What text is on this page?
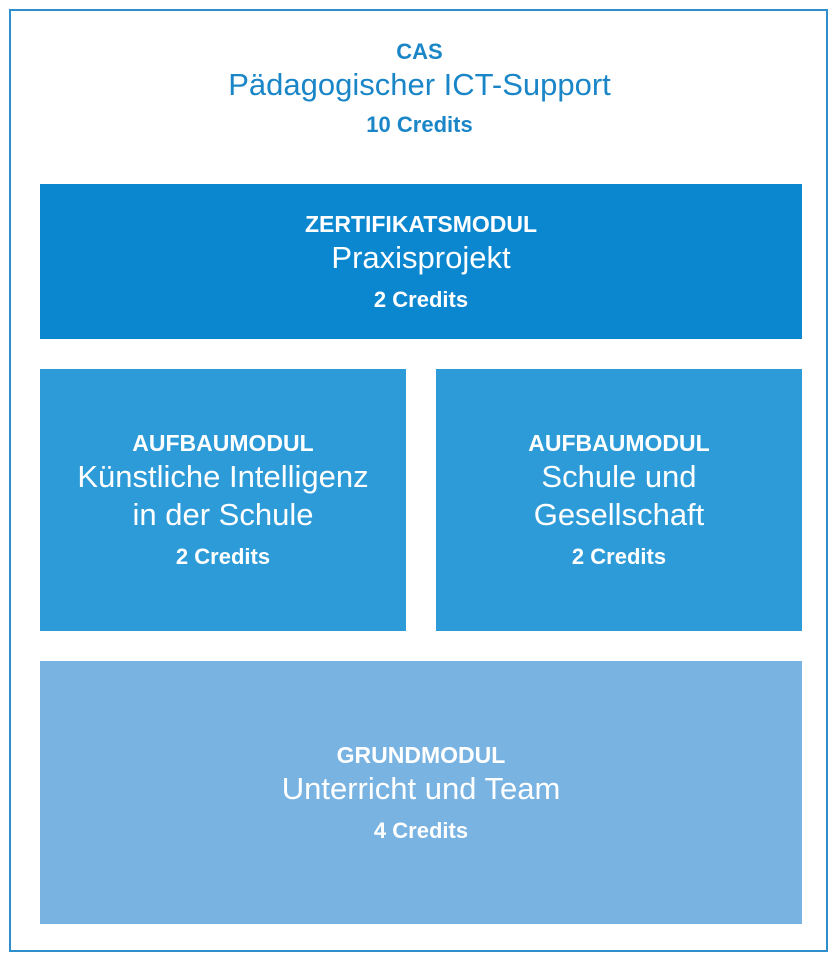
CAS
Pädagogischer ICT-Support
10 Credits
ZERTIFIKATSMODUL
Praxisprojekt
2 Credits
AUFBAUMODUL
Künstliche Intelligenz
in der Schule
2 Credits
AUFBAUMODUL
Schule und
Gesellschaft
2 Credits
GRUNDMODUL
Unterricht und Team
4 Credits
